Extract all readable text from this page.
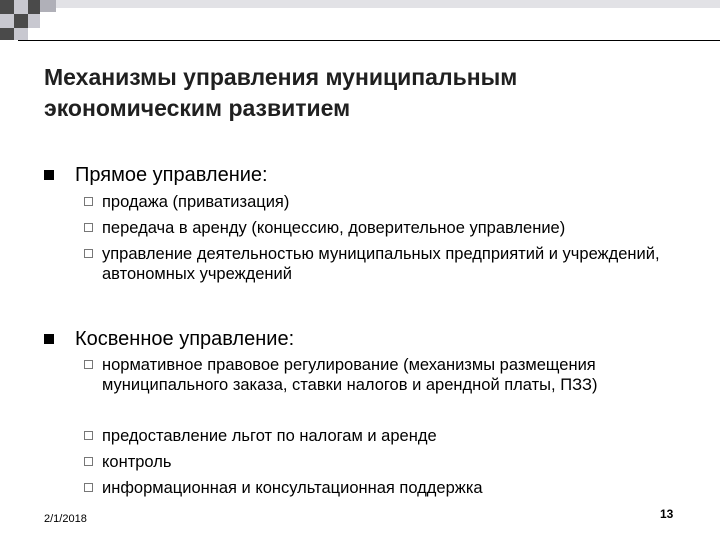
Механизмы управления муниципальным
экономическим развитием
Прямое управление:
продажа (приватизация)
передача в аренду (концессию, доверительное управление)
управление деятельностью муниципальных предприятий и учреждений, автономных учреждений
Косвенное управление:
нормативное правовое регулирование (механизмы размещения муниципального заказа, ставки налогов и арендной платы, ПЗЗ)
предоставление льгот по налогам и аренде
контроль
информационная и консультационная поддержка
2/1/2018	13
